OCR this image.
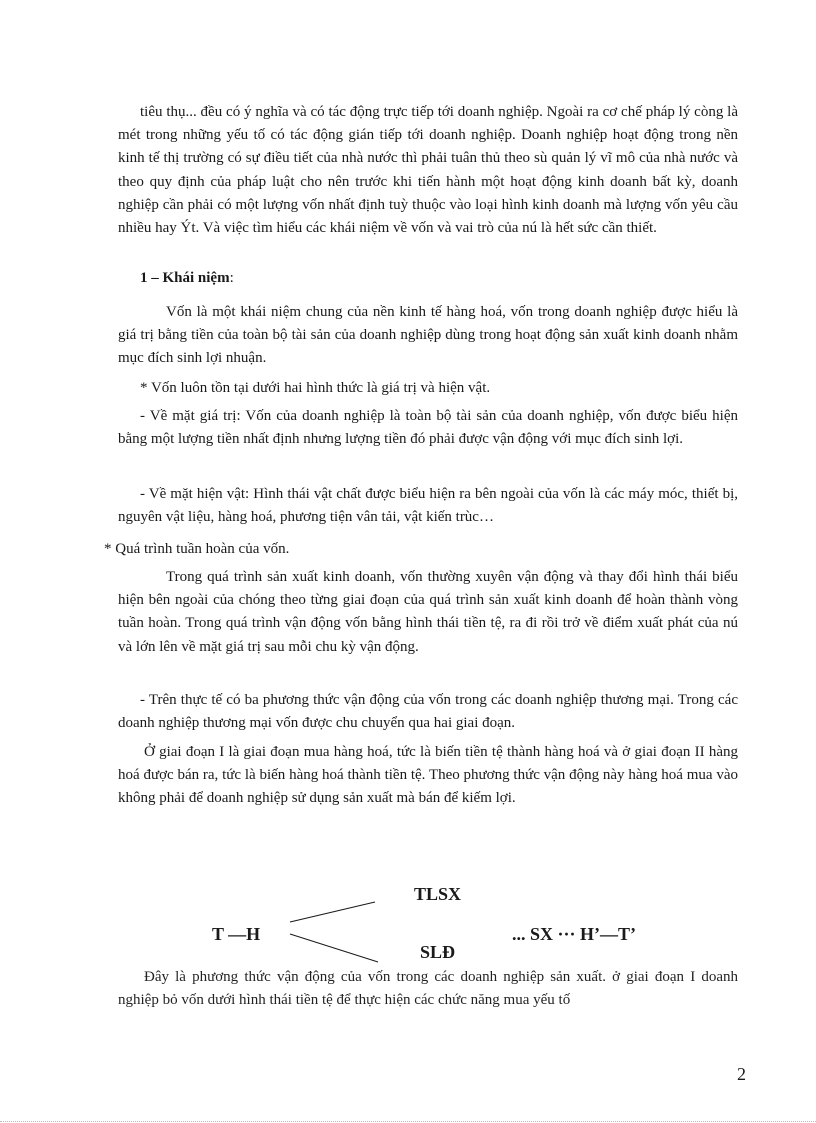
tiêu thụ... đều có ý nghĩa và có tác động trực tiếp tới doanh nghiệp. Ngoài ra cơ chế pháp lý còng là mét trong những yếu tố có tác động gián tiếp tới doanh nghiệp. Doanh nghiệp hoạt động trong nền kinh tế thị trường có sự điều tiết của nhà nước thì phải tuân thủ theo sù quản lý vĩ mô của nhà nước và theo quy định của pháp luật cho nên trước khi tiến hành một hoạt động kinh doanh bất kỳ, doanh nghiệp cần phải có một lượng vốn nhất định tuỳ thuộc vào loại hình kinh doanh mà lượng vốn yêu cầu nhiều hay Ýt. Và việc tìm hiểu các khái niệm về vốn và vai trò của nú là hết sức cần thiết.

1 – Khái niệm:

Vốn là một khái niệm chung của nền kinh tế hàng hoá, vốn trong doanh nghiệp được hiểu là giá trị bằng tiền của toàn bộ tài sản của doanh nghiệp dùng trong hoạt động sản xuất kinh doanh nhằm mục đích sinh lợi nhuận.

* Vốn luôn tồn tại dưới hai hình thức là giá trị và hiện vật.

- Về mặt giá trị: Vốn của doanh nghiệp là toàn bộ tài sản của doanh nghiệp, vốn được biểu hiện bằng một lượng tiền nhất định nhưng lượng tiền đó phải được vận động với mục đích sinh lợi.

- Về mặt hiện vật: Hình thái vật chất được biểu hiện ra bên ngoài của vốn là các máy móc, thiết bị, nguyên vật liệu, hàng hoá, phương tiện vân tải, vật kiến trùc…

* Quá trình tuần hoàn của vốn.

Trong quá trình sản xuất kinh doanh, vốn thường xuyên vận động và thay đổi hình thái biểu hiện bên ngoài của chóng theo từng giai đoạn của quá trình sản xuất kinh doanh để hoàn thành vòng tuần hoàn. Trong quá trình vận động vốn bằng hình thái tiền tệ, ra đi rồi trở về điểm xuất phát của nú và lớn lên về mặt giá trị sau mỗi chu kỳ vận động.

- Trên thực tế có ba phương thức vận động của vốn trong các doanh nghiệp thương mại. Trong các doanh nghiệp thương mại vốn được chu chuyển qua hai giai đoạn.

Ở giai đoạn I là giai đoạn mua hàng hoá, tức là biến tiền tệ thành hàng hoá và ở giai đoạn II hàng hoá được bán ra, tức là biến hàng hoá thành tiền tệ. Theo phương thức vận động này hàng hoá mua vào không phải để doanh nghiệp sử dụng sản xuất mà bán để kiếm lợi.

T —H
TLSX
SLĐ
... SX ··· H’—T’

Đây là phương thức vận động của vốn trong các doanh nghiệp sản xuất. ở giai đoạn I doanh nghiệp bỏ vốn dưới hình thái tiền tệ để thực hiện các chức năng mua yếu tố

2
